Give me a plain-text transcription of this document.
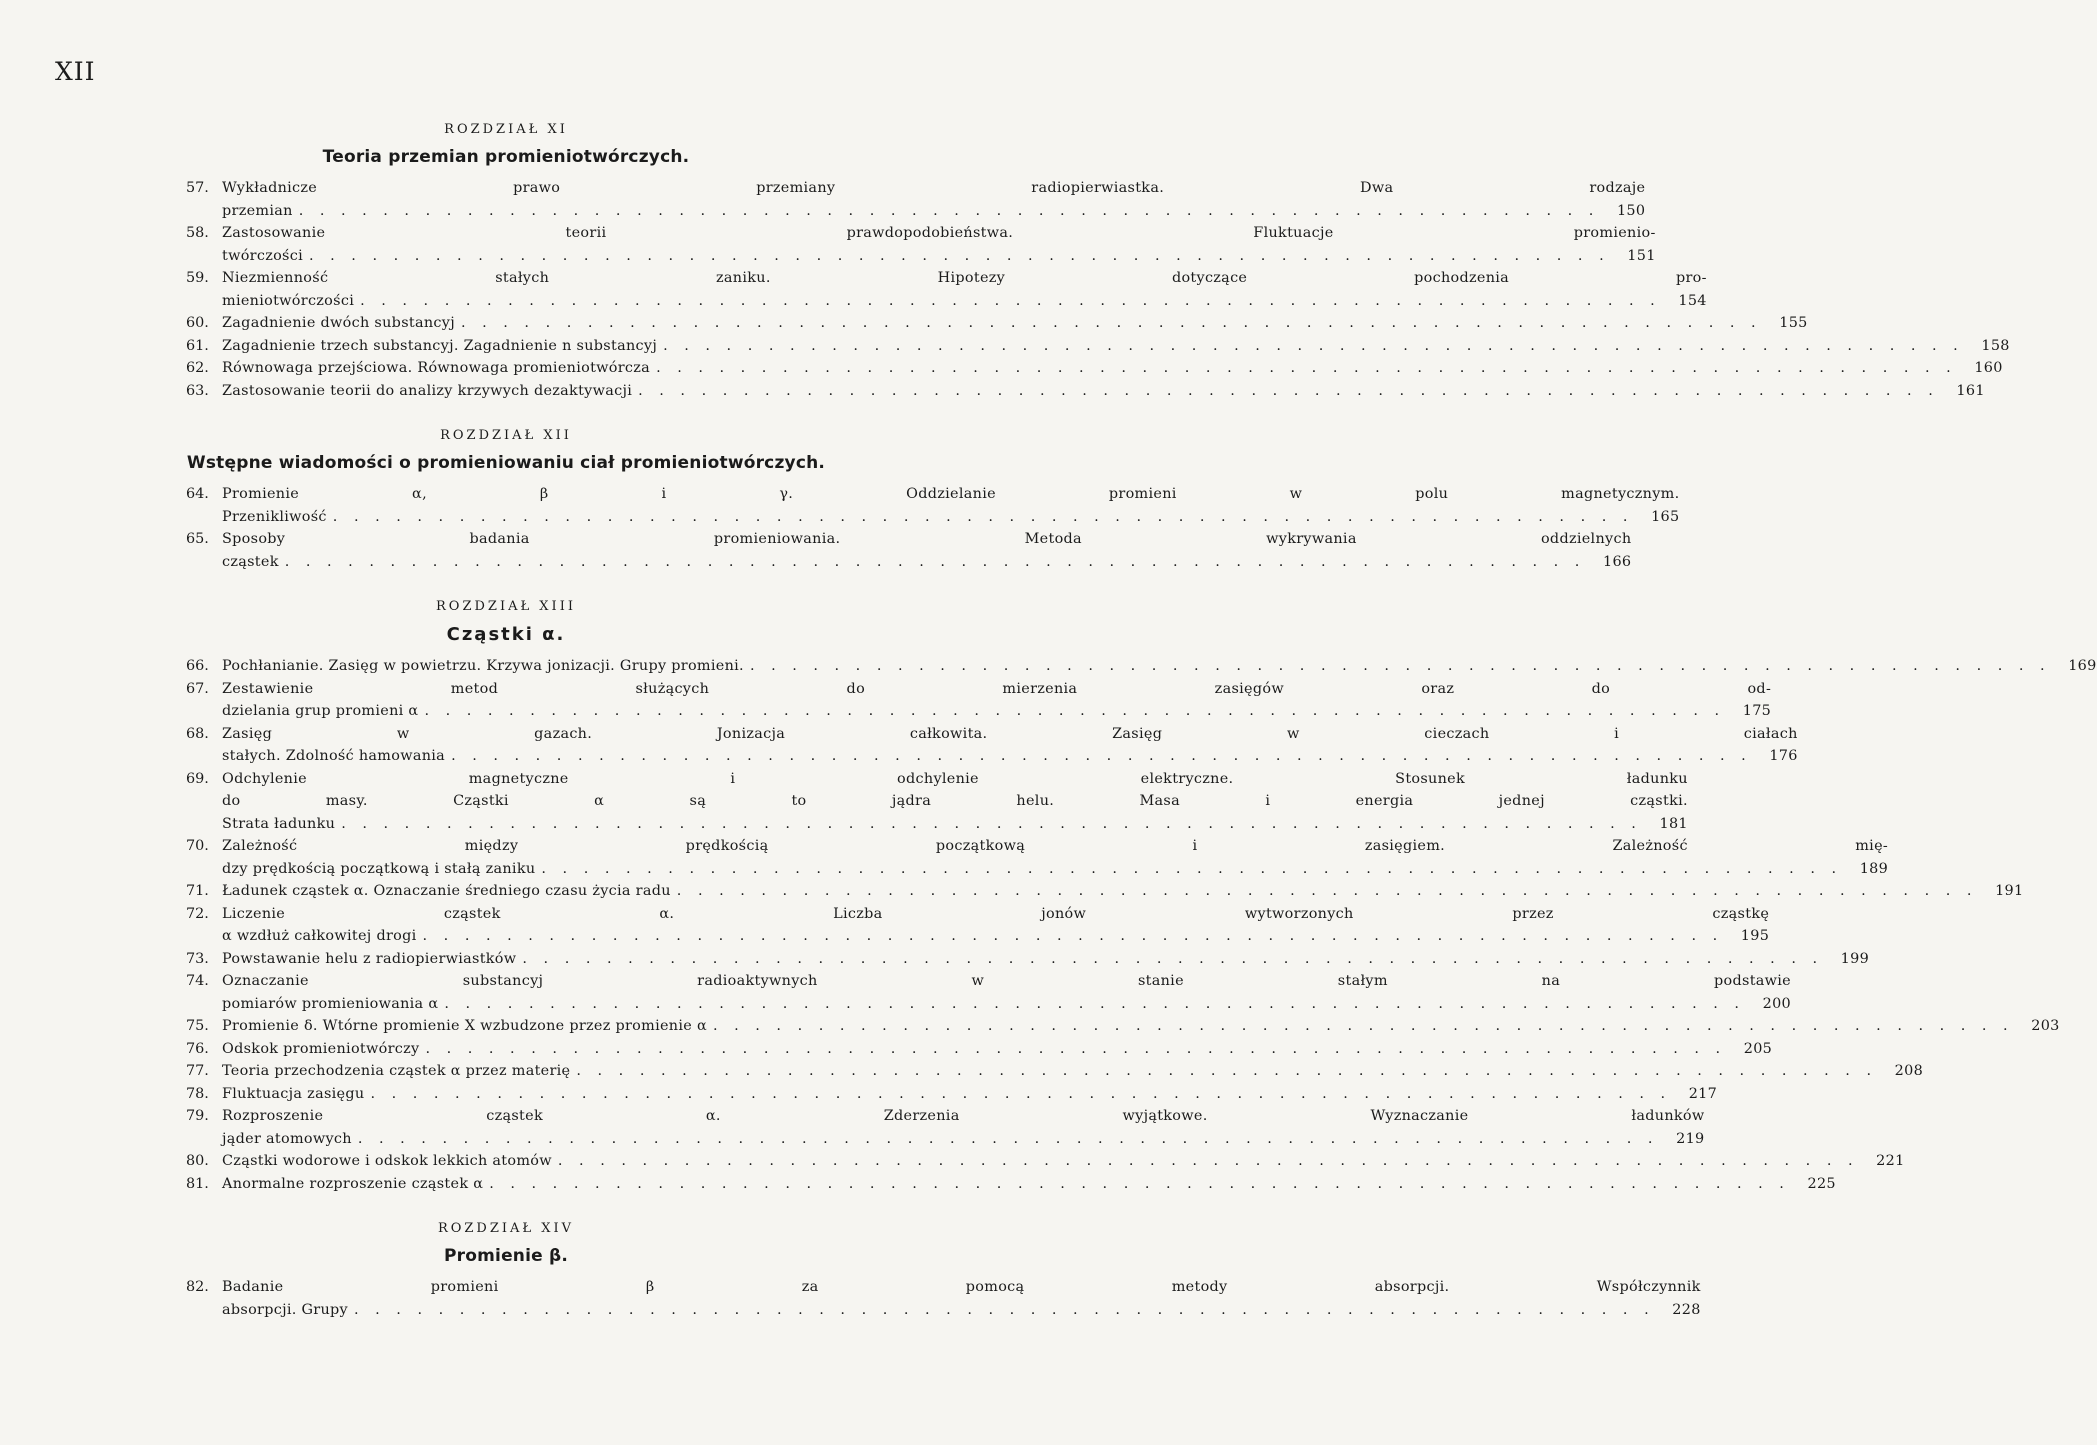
XII
ROZDZIAŁ XI
Teoria przemian promieniotwórczych.
57. Wykładnicze prawo przemiany radiopierwiastka. Dwa rodzaje
przemian . . .	150
58. Zastosowanie teorii prawdopodobieństwa. Fluktuacje promienio-
twórczości . . .	151
59. Niezmienność stałych zaniku. Hipotezy dotyczące pochodzenia pro-
mieniotwórczości . . .	154
60. Zagadnienie dwóch substancyj . . .	155
61. Zagadnienie trzech substancyj. Zagadnienie n substancyj . . .	158
62. Równowaga przejściowa. Równowaga promieniotwórcza . . .	160
63. Zastosowanie teorii do analizy krzywych dezaktywacji . . .	161
ROZDZIAŁ XII
Wstępne wiadomości o promieniowaniu ciał promieniotwórczych.
64. Promienie α, β i γ. Oddzielanie promieni w polu magnetycznym.
Przenikliwość . . .	165
65. Sposoby badania promieniowania. Metoda wykrywania oddzielnych
cząstek . . .	166
ROZDZIAŁ XIII
Cząstki α.
66. Pochłanianie. Zasięg w powietrzu. Krzywa jonizacji. Grupy promieni. . . .	169
67. Zestawienie metod służących do mierzenia zasięgów oraz do od-
dzielania grup promieni α . . .	175
68. Zasięg w gazach. Jonizacja całkowita. Zasięg w cieczach i ciałach
stałych. Zdolność hamowania . . .	176
69. Odchylenie magnetyczne i odchylenie elektryczne. Stosunek ładunku
do masy. Cząstki α są to jądra helu. Masa i energia jednej cząstki.
Strata ładunku . . .	181
70. Zależność między prędkością początkową i zasięgiem. Zależność mię-
dzy prędkością początkową i stałą zaniku . . .	189
71. Ładunek cząstek α. Oznaczanie średniego czasu życia radu . . .	191
72. Liczenie cząstek α. Liczba jonów wytworzonych przez cząstkę
α wzdłuż całkowitej drogi . . .	195
73. Powstawanie helu z radiopierwiastków . . .	199
74. Oznaczanie substancyj radioaktywnych w stanie stałym na podstawie
pomiarów promieniowania α . . .	200
75. Promienie δ. Wtórne promienie X wzbudzone przez promienie α . . .	203
76. Odskok promieniotwórczy . . .	205
77. Teoria przechodzenia cząstek α przez materię . . .	208
78. Fluktuacja zasięgu . . .	217
79. Rozproszenie cząstek α. Zderzenia wyjątkowe. Wyznaczanie ładunków
jąder atomowych . . .	219
80. Cząstki wodorowe i odskok lekkich atomów . . .	221
81. Anormalne rozproszenie cząstek α . . .	225
ROZDZIAŁ XIV
Promienie β.
82. Badanie promieni β za pomocą metody absorpcji. Współczynnik
absorpcji. Grupy . . .	228
